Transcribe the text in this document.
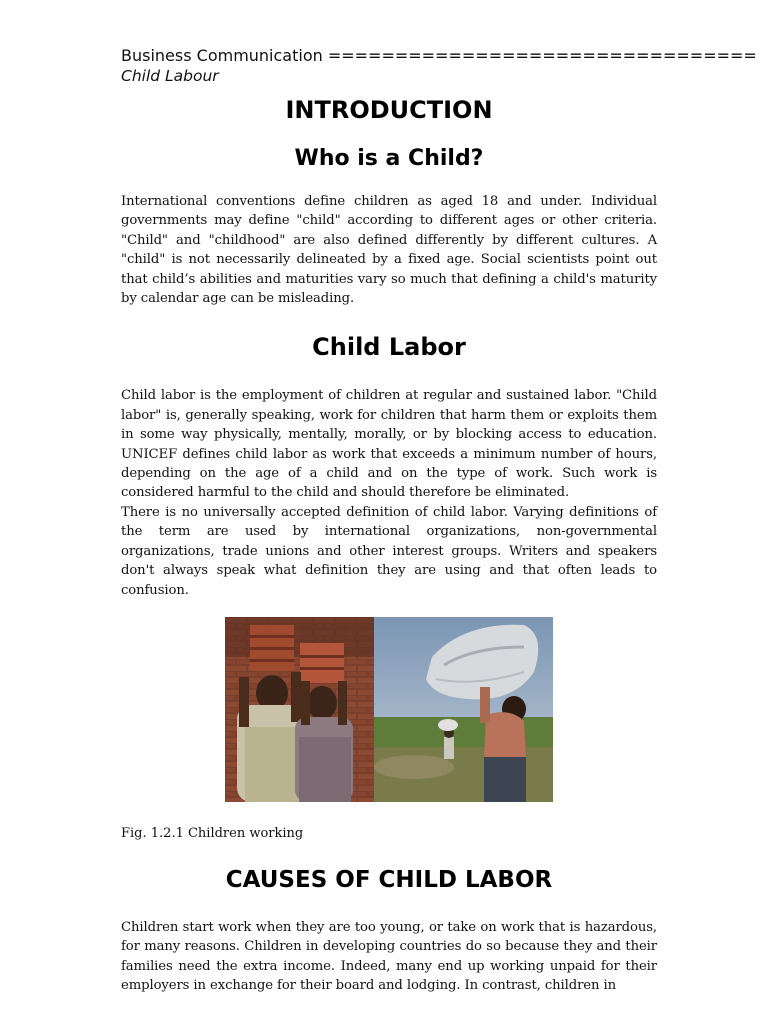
Business Communication ================================
Child Labour
INTRODUCTION
Who is a Child?

International conventions define children as aged 18 and under. Individual governments may define "child" according to different ages or other criteria. "Child" and "childhood" are also defined differently by different cultures. A "child" is not necessarily delineated by a fixed age. Social scientists point out that child’s abilities and maturities vary so much that defining a child's maturity by calendar age can be misleading.

Child Labor

Child labor is the employment of children at regular and sustained labor. "Child labor" is, generally speaking, work for children that harm them or exploits them in some way physically, mentally, morally, or by blocking access to education. UNICEF defines child labor as work that exceeds a minimum number of hours, depending on the age of a child and on the type of work. Such work is considered harmful to the child and should therefore be eliminated.

There is no universally accepted definition of child labor. Varying definitions of the term are used by international organizations, non-governmental organizations, trade unions and other interest groups. Writers and speakers don't always speak what definition they are using and that often leads to confusion.

Fig. 1.2.1 Children working
CAUSES OF CHILD LABOR

Children start work when they are too young, or take on work that is hazardous, for many reasons. Children in developing countries do so because they and their families need the extra income. Indeed, many end up working unpaid for their employers in exchange for their board and lodging. In contrast, children in
